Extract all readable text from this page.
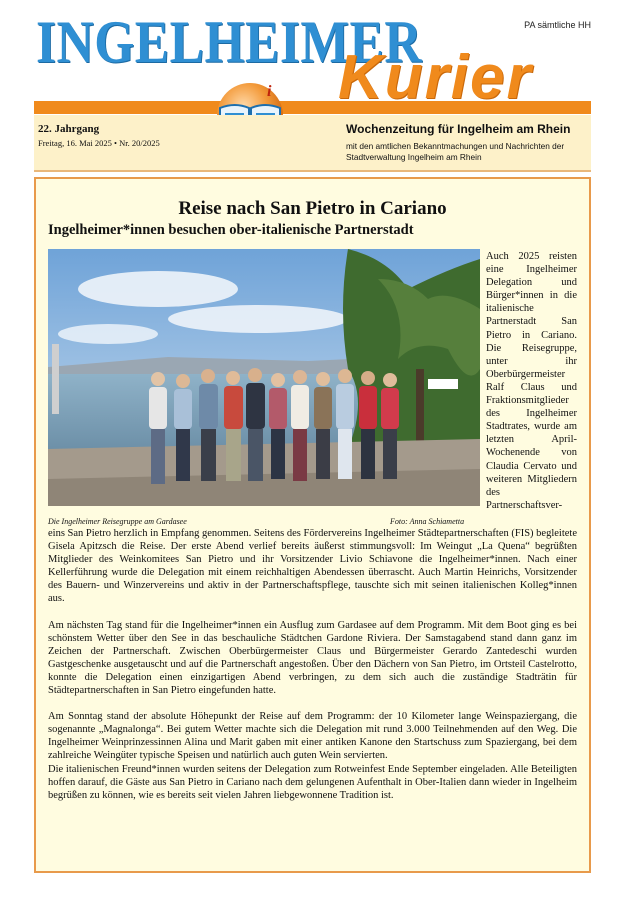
PA sämtliche HH
INGELHEIMER
Kurier
i
22. Jahrgang
Freitag, 16. Mai 2025 • Nr. 20/2025
Wochenzeitung für Ingelheim am Rhein
mit den amtlichen Bekanntmachungen und Nachrichten der Stadtverwaltung Ingelheim am Rhein
Reise nach San Pietro in Cariano
Ingelheimer*innen besuchen ober-italienische Partnerstadt
Die Ingelheimer Reisegruppe am Gardasee	Foto: Anna Schiametta
Auch 2025 reisten eine Ingelheimer Delegation und Bürger*innen in die italienische Partnerstadt San Pietro in Cariano. Die Reisegruppe, unter ihr Oberbürgermeister Ralf Claus und Fraktionsmitglieder des Ingelheimer Stadtrates, wurde am letzten April-Wochenende von Claudia Cervato und weiteren Mitgliedern des Partnerschaftsver-

eins San Pietro herzlich in Empfang genommen. Seitens des Fördervereins Ingelheimer Städtepartnerschaften (FIS) begleitete Gisela Apitzsch die Reise. Der erste Abend verlief bereits äußerst stimmungsvoll: Im Weingut „La Quena“ begrüßten Mitglieder des Weinkomitees San Pietro und ihr Vorsitzender Livio Schiavone die Ingelheimer*innen. Nach einer Kellerführung wurde die Delegation mit einem reichhaltigen Abendessen überrascht. Auch Martin Heinrichs, Vorsitzender des Bauern- und Winzervereins und aktiv in der Partnerschaftspflege, tauschte sich mit seinen italienischen Kolleg*innen aus.

Am nächsten Tag stand für die Ingelheimer*innen ein Ausflug zum Gardasee auf dem Programm. Mit dem Boot ging es bei schönstem Wetter über den See in das beschauliche Städtchen Gardone Riviera. Der Samstagabend stand dann ganz im Zeichen der Partnerschaft. Zwischen Oberbürgermeister Claus und Bürgermeister Gerardo Zantedeschi wurden Gastgeschenke ausgetauscht und auf die Partnerschaft angestoßen. Über den Dächern von San Pietro, im Ortsteil Castelrotto, konnte die Delegation einen einzigartigen Abend verbringen, zu dem sich auch die zuständige Stadträtin für Städtepartnerschaften in San Pietro eingefunden hatte.

Am Sonntag stand der absolute Höhepunkt der Reise auf dem Programm: der 10 Kilometer lange Weinspaziergang, die sogenannte „Magnalonga“. Bei gutem Wetter machte sich die Delegation mit rund 3.000 Teilnehmenden auf den Weg. Die Ingelheimer Weinprinzessinnen Alina und Marit gaben mit einer antiken Kanone den Startschuss zum Spaziergang, bei dem zahlreiche Weingüter typische Speisen und natürlich auch guten Wein servierten.

Die italienischen Freund*innen wurden seitens der Delegation zum Rotweinfest Ende September eingeladen. Alle Beteiligten hoffen darauf, die Gäste aus San Pietro in Cariano nach dem gelungenen Aufenthalt in Ober-Italien dann wieder in Ingelheim begrüßen zu können, wie es bereits seit vielen Jahren liebgewonnene Tradition ist.
